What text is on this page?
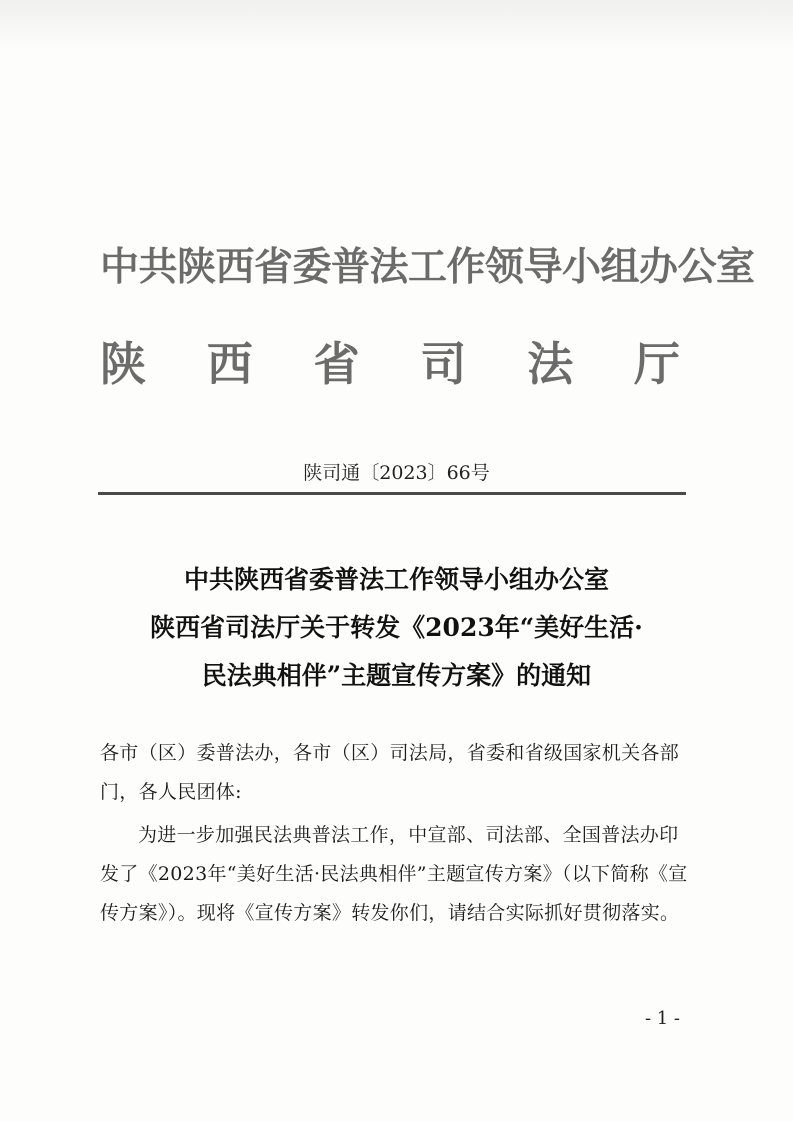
中共陕西省委普法工作领导小组办公室
陕 西 省 司 法 厅
陕司通〔2023〕66号
中共陕西省委普法工作领导小组办公室
陕西省司法厅关于转发《2023年“美好生活·
民法典相伴”主题宣传方案》的通知
各市（区）委普法办，各市（区）司法局，省委和省级国家机关各部门，各人民团体:
为进一步加强民法典普法工作，中宣部、司法部、全国普法办印发了《2023年“美好生活·民法典相伴”主题宣传方案》（以下简称《宣传方案》）。现将《宣传方案》转发你们，请结合实际抓好贯彻落实。
- 1 -
